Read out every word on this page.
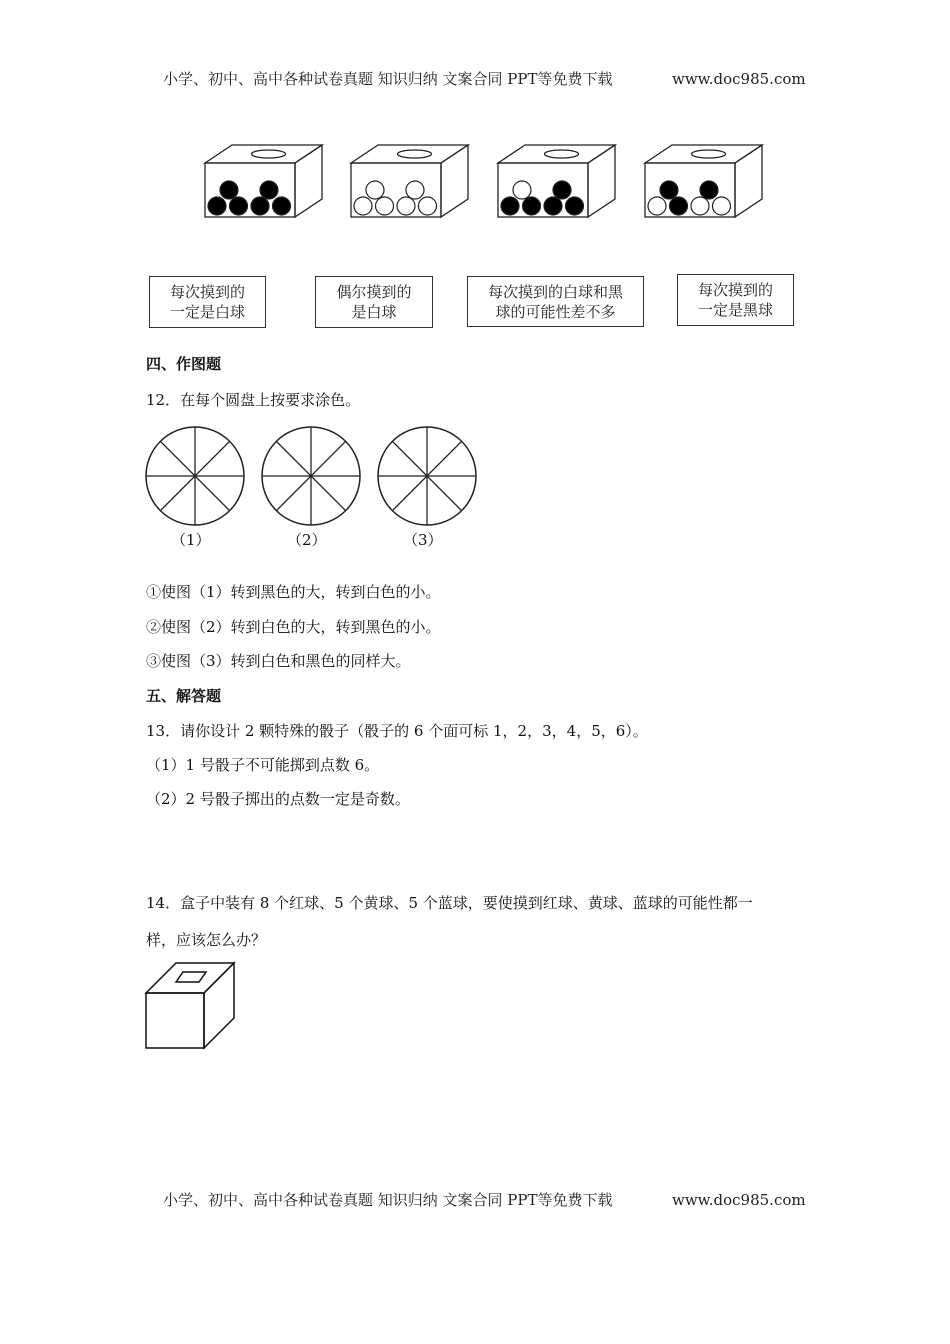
小学、初中、高中各种试卷真题 知识归纳 文案合同 PPT等免费下载	www.doc985.com
每次摸到的
一定是白球
偶尔摸到的
是白球
每次摸到的白球和黑
球的可能性差不多
每次摸到的
一定是黑球
四、作图题
12．在每个圆盘上按要求涂色。
（1）	（2）	（3）
①使图（1）转到黑色的大，转到白色的小。
②使图（2）转到白色的大，转到黑色的小。
③使图（3）转到白色和黑色的同样大。
五、解答题
13．请你设计 2 颗特殊的骰子（骰子的 6 个面可标 1，2，3，4，5，6）。
（1）1 号骰子不可能掷到点数 6。
（2）2 号骰子掷出的点数一定是奇数。
14．盒子中装有 8 个红球、5 个黄球、5 个蓝球，要使摸到红球、黄球、蓝球的可能性都一
样，应该怎么办？
小学、初中、高中各种试卷真题 知识归纳 文案合同 PPT等免费下载	www.doc985.com
